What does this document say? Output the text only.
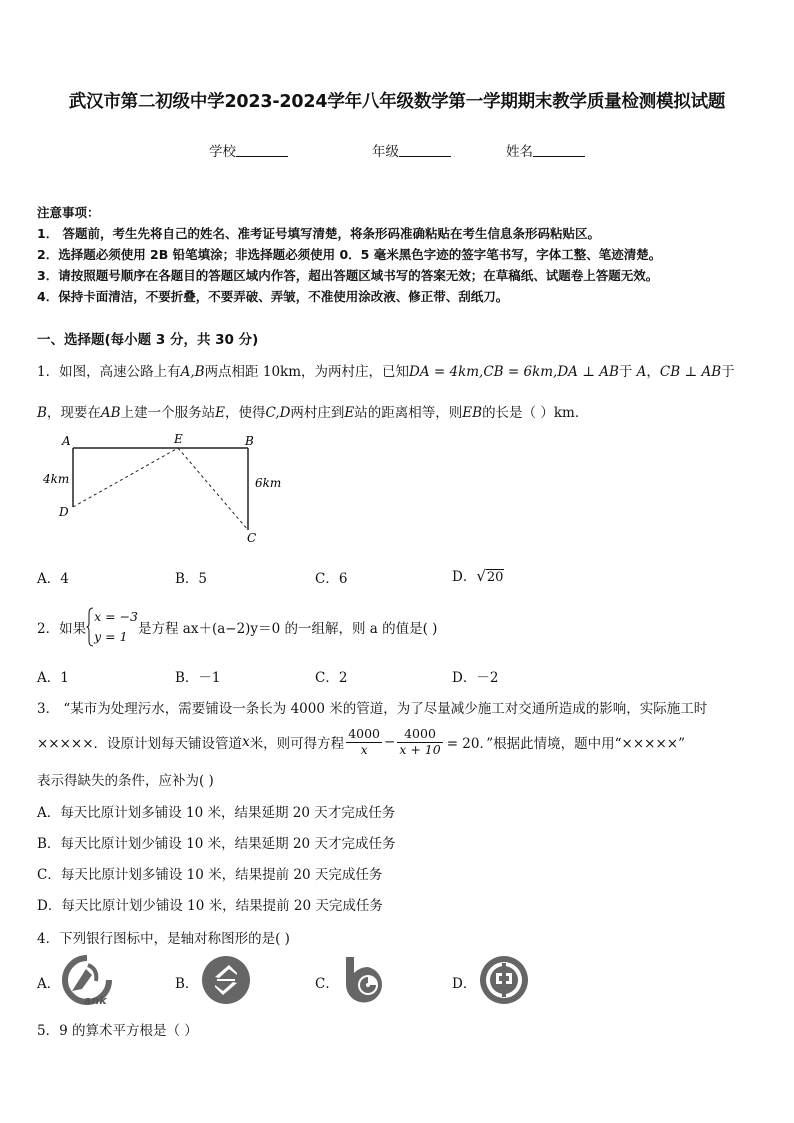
武汉市第二初级中学2023-2024学年八年级数学第一学期期末教学质量检测模拟试题
学校	年级	姓名
注意事项：
1． 答题前，考生先将自己的姓名、准考证号填写清楚，将条形码准确粘贴在考生信息条形码粘贴区。
2．选择题必须使用 2B 铅笔填涂；非选择题必须使用 0．5 毫米黑色字迹的签字笔书写，字体工整、笔迹清楚。
3．请按照题号顺序在各题目的答题区域内作答，超出答题区域书写的答案无效；在草稿纸、试题卷上答题无效。
4．保持卡面清洁，不要折叠，不要弄破、弄皱，不准使用涂改液、修正带、刮纸刀。
一、选择题(每小题 3 分，共 30 分)
1．如图，高速公路上有A,B两点相距 10km，为两村庄，已知DA = 4km,CB = 6km,DA ⊥ AB于 A，CB ⊥ AB于
B，现要在AB上建一个服务站E，使得C,D两村庄到E站的距离相等，则EB的长是（ ）km．
A	E	B
D
C
4km	6km
A．4	B．5	C．6	D．√20
2．如果
x = −3
y = 1 是方程 ax＋(a−2)y＝0 的一组解，则 a 的值是( )
A．1	B．－1	C．2	D．－2
3． “某市为处理污水，需要铺设一条长为 4000 米的管道，为了尽量减少施工对交通所造成的影响，实际施工时
×××××．设原计划每天铺设管道 x 米，则可得方程 $\frac{4000}{x} - \frac{4000}{x + 10} = 20$．”根据此情境，题中用“×××××”
表示得缺失的条件，应补为( )
A．每天比原计划多铺设 10 米，结果延期 20 天才完成任务
B．每天比原计划少铺设 10 米，结果延期 20 天才完成任务
C．每天比原计划多铺设 10 米，结果提前 20 天完成任务
D．每天比原计划少铺设 10 米，结果提前 20 天完成任务
4．下列银行图标中，是轴对称图形的是( )
A．
ank
B．	C．	D．
5．9 的算术平方根是（ ）
